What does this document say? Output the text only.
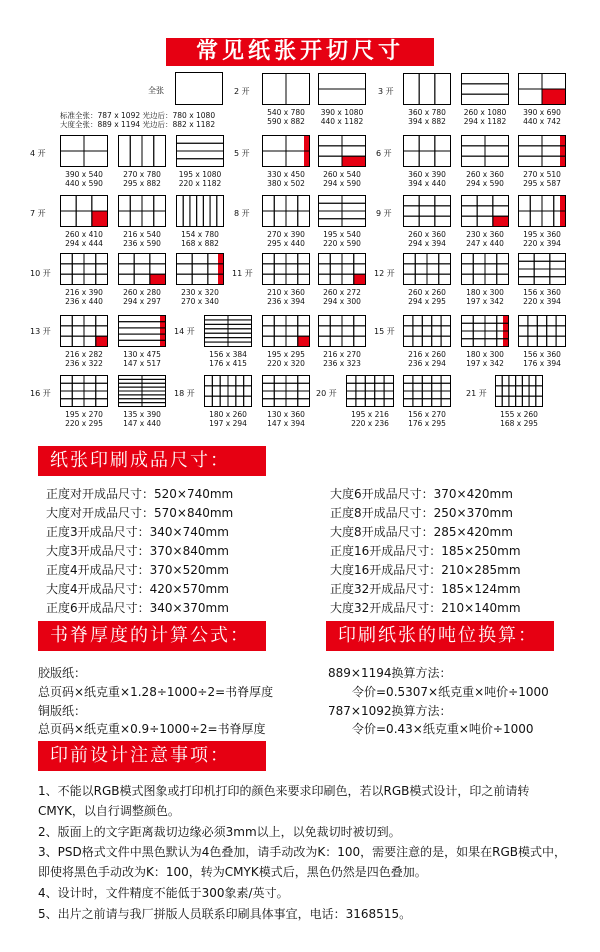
常见纸张开切尺寸
全张
标准全张：787 x 1092 光边后：780 x 1080
大度全张：889 x 1194 光边后：882 x 1182
2 开
540 x 780
590 x 882
390 x 1080
440 x 1182
3 开
360 x 780
394 x 882
260 x 1080
294 x 1182
390 x 690
440 x 742
4 开
390 x 540
440 x 590
270 x 780
295 x 882
195 x 1080
220 x 1182
5 开
330 x 450
380 x 502
260 x 540
294 x 590
6 开
360 x 390
394 x 440
260 x 360
294 x 590
270 x 510
295 x 587
7 开
260 x 410
294 x 444
216 x 540
236 x 590
154 x 780
168 x 882
8 开
270 x 390
295 x 440
195 x 540
220 x 590
9 开
260 x 360
294 x 394
230 x 360
247 x 440
195 x 360
220 x 394
10 开
216 x 390
236 x 440
260 x 280
294 x 297
230 x 320
270 x 340
11 开
210 x 360
236 x 394
260 x 272
294 x 300
12 开
260 x 260
294 x 295
180 x 300
197 x 342
156 x 360
220 x 394
13 开
216 x 282
236 x 322
130 x 475
147 x 517
14 开
156 x 384
176 x 415
195 x 295
220 x 320
216 x 270
236 x 323
15 开
216 x 260
236 x 294
180 x 300
197 x 342
156 x 360
176 x 394
16 开
195 x 270
220 x 295
135 x 390
147 x 440
18 开
180 x 260
197 x 294
130 x 360
147 x 394
20 开
195 x 216
220 x 236
156 x 270
176 x 295
21 开
155 x 260
168 x 295
纸张印刷成品尺寸：
正度对开成品尺寸：520×740mm
大度对开成品尺寸：570×840mm
正度3开成品尺寸：340×740mm
大度3开成品尺寸：370×840mm
正度4开成品尺寸：370×520mm
大度4开成品尺寸：420×570mm
正度6开成品尺寸：340×370mm
大度6开成品尺寸：370×420mm
正度8开成品尺寸：250×370mm
大度8开成品尺寸：285×420mm
正度16开成品尺寸：185×250mm
大度16开成品尺寸：210×285mm
正度32开成品尺寸：185×124mm
大度32开成品尺寸：210×140mm
书脊厚度的计算公式：	印刷纸张的吨位换算：
胶版纸：
总页码×纸克重×1.28÷1000÷2=书脊厚度
铜版纸：
总页码×纸克重×0.9÷1000÷2=书脊厚度
889×1194换算方法：
令价=0.5307×纸克重×吨价÷1000
787×1092换算方法：
令价=0.43×纸克重×吨价÷1000
印前设计注意事项：
1、不能以RGB模式图象或打印机打印的颜色来要求印刷色，若以RGB模式设计，印之前请转CMYK，以自行调整颜色。
2、版面上的文字距离裁切边缘必须3mm以上，以免裁切时被切到。
3、PSD格式文件中黑色默认为4色叠加，请手动改为K：100，需要注意的是，如果在RGB模式中，即使将黑色手动改为K：100，转为CMYK模式后，黑色仍然是四色叠加。
4、设计时，文件精度不能低于300象素/英寸。
5、出片之前请与我厂拼版人员联系印刷具体事宜，电话：3168515。
